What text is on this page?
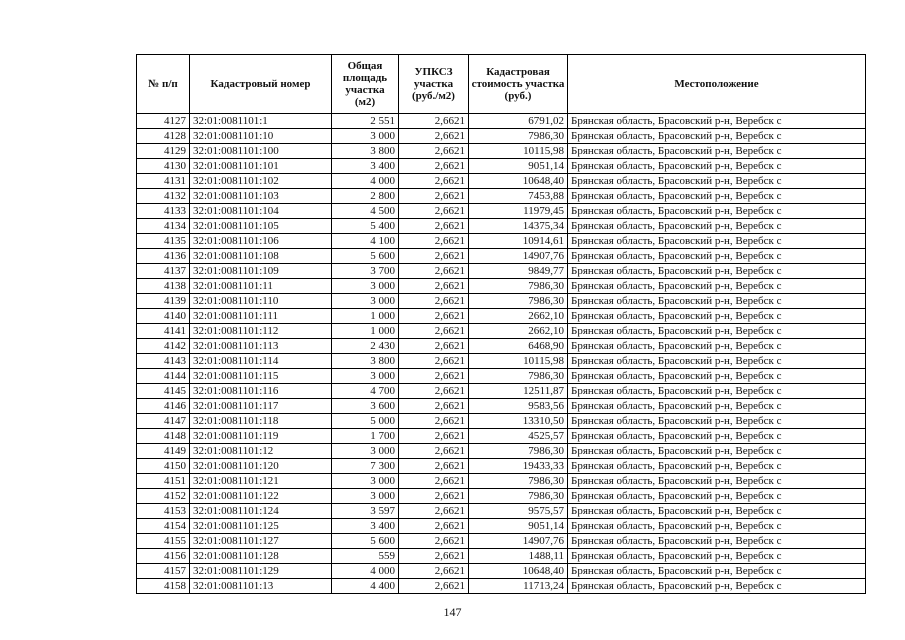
№ п/п	Кадастровый номер	Общая площадь участка (м2)	УПКСЗ участка (руб./м2)	Кадастровая стоимость участка (руб.)	Местоположение
4127	32:01:0081101:1	2 551	2,6621	6791,02	Брянская область, Брасовский р-н, Веребск с
4128	32:01:0081101:10	3 000	2,6621	7986,30	Брянская область, Брасовский р-н, Веребск с
4129	32:01:0081101:100	3 800	2,6621	10115,98	Брянская область, Брасовский р-н, Веребск с
4130	32:01:0081101:101	3 400	2,6621	9051,14	Брянская область, Брасовский р-н, Веребск с
4131	32:01:0081101:102	4 000	2,6621	10648,40	Брянская область, Брасовский р-н, Веребск с
4132	32:01:0081101:103	2 800	2,6621	7453,88	Брянская область, Брасовский р-н, Веребск с
4133	32:01:0081101:104	4 500	2,6621	11979,45	Брянская область, Брасовский р-н, Веребск с
4134	32:01:0081101:105	5 400	2,6621	14375,34	Брянская область, Брасовский р-н, Веребск с
4135	32:01:0081101:106	4 100	2,6621	10914,61	Брянская область, Брасовский р-н, Веребск с
4136	32:01:0081101:108	5 600	2,6621	14907,76	Брянская область, Брасовский р-н, Веребск с
4137	32:01:0081101:109	3 700	2,6621	9849,77	Брянская область, Брасовский р-н, Веребск с
4138	32:01:0081101:11	3 000	2,6621	7986,30	Брянская область, Брасовский р-н, Веребск с
4139	32:01:0081101:110	3 000	2,6621	7986,30	Брянская область, Брасовский р-н, Веребск с
4140	32:01:0081101:111	1 000	2,6621	2662,10	Брянская область, Брасовский р-н, Веребск с
4141	32:01:0081101:112	1 000	2,6621	2662,10	Брянская область, Брасовский р-н, Веребск с
4142	32:01:0081101:113	2 430	2,6621	6468,90	Брянская область, Брасовский р-н, Веребск с
4143	32:01:0081101:114	3 800	2,6621	10115,98	Брянская область, Брасовский р-н, Веребск с
4144	32:01:0081101:115	3 000	2,6621	7986,30	Брянская область, Брасовский р-н, Веребск с
4145	32:01:0081101:116	4 700	2,6621	12511,87	Брянская область, Брасовский р-н, Веребск с
4146	32:01:0081101:117	3 600	2,6621	9583,56	Брянская область, Брасовский р-н, Веребск с
4147	32:01:0081101:118	5 000	2,6621	13310,50	Брянская область, Брасовский р-н, Веребск с
4148	32:01:0081101:119	1 700	2,6621	4525,57	Брянская область, Брасовский р-н, Веребск с
4149	32:01:0081101:12	3 000	2,6621	7986,30	Брянская область, Брасовский р-н, Веребск с
4150	32:01:0081101:120	7 300	2,6621	19433,33	Брянская область, Брасовский р-н, Веребск с
4151	32:01:0081101:121	3 000	2,6621	7986,30	Брянская область, Брасовский р-н, Веребск с
4152	32:01:0081101:122	3 000	2,6621	7986,30	Брянская область, Брасовский р-н, Веребск с
4153	32:01:0081101:124	3 597	2,6621	9575,57	Брянская область, Брасовский р-н, Веребск с
4154	32:01:0081101:125	3 400	2,6621	9051,14	Брянская область, Брасовский р-н, Веребск с
4155	32:01:0081101:127	5 600	2,6621	14907,76	Брянская область, Брасовский р-н, Веребск с
4156	32:01:0081101:128	559	2,6621	1488,11	Брянская область, Брасовский р-н, Веребск с
4157	32:01:0081101:129	4 000	2,6621	10648,40	Брянская область, Брасовский р-н, Веребск с
4158	32:01:0081101:13	4 400	2,6621	11713,24	Брянская область, Брасовский р-н, Веребск с
147
